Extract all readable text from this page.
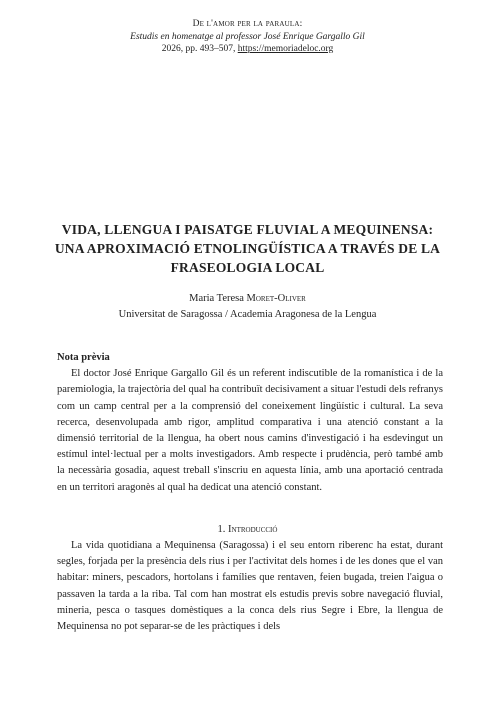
De l'amor per la paraula:
Estudis en homenatge al professor José Enrique Gargallo Gil
2026, pp. 493–507, https://memoriadeloc.org
VIDA, LLENGUA I PAISATGE FLUVIAL A MEQUINENSA:
UNA APROXIMACIÓ ETNOLINGÜÍSTICA A TRAVÉS DE LA
FRASEOLOGIA LOCAL
Maria Teresa Moret-Oliver
Universitat de Saragossa / Academia Aragonesa de la Lengua
Nota prèvia

El doctor José Enrique Gargallo Gil és un referent indiscutible de la romanística i de la paremiologia, la trajectòria del qual ha contribuït decisivament a situar l'estudi dels refranys com un camp central per a la comprensió del coneixement lingüístic i cultural. La seva recerca, desenvolupada amb rigor, amplitud comparativa i una atenció constant a la dimensió territorial de la llengua, ha obert nous camins d'investigació i ha esdevingut un estímul intel·lectual per a molts investigadors. Amb respecte i prudència, però també amb la necessària gosadia, aquest treball s'inscriu en aquesta línia, amb una aportació centrada en un territori aragonès al qual ha dedicat una atenció constant.

1. Introducció

La vida quotidiana a Mequinensa (Saragossa) i el seu entorn riberenc ha estat, durant segles, forjada per la presència dels rius i per l'activitat dels homes i de les dones que el van habitar: miners, pescadors, hortolans i famílies que rentaven, feien bugada, treien l'aigua o passaven la tarda a la riba. Tal com han mostrat els estudis previs sobre navegació fluvial, mineria, pesca o tasques domèstiques a la conca dels rius Segre i Ebre, la llengua de Mequinensa no pot separar-se de les pràctiques i dels
